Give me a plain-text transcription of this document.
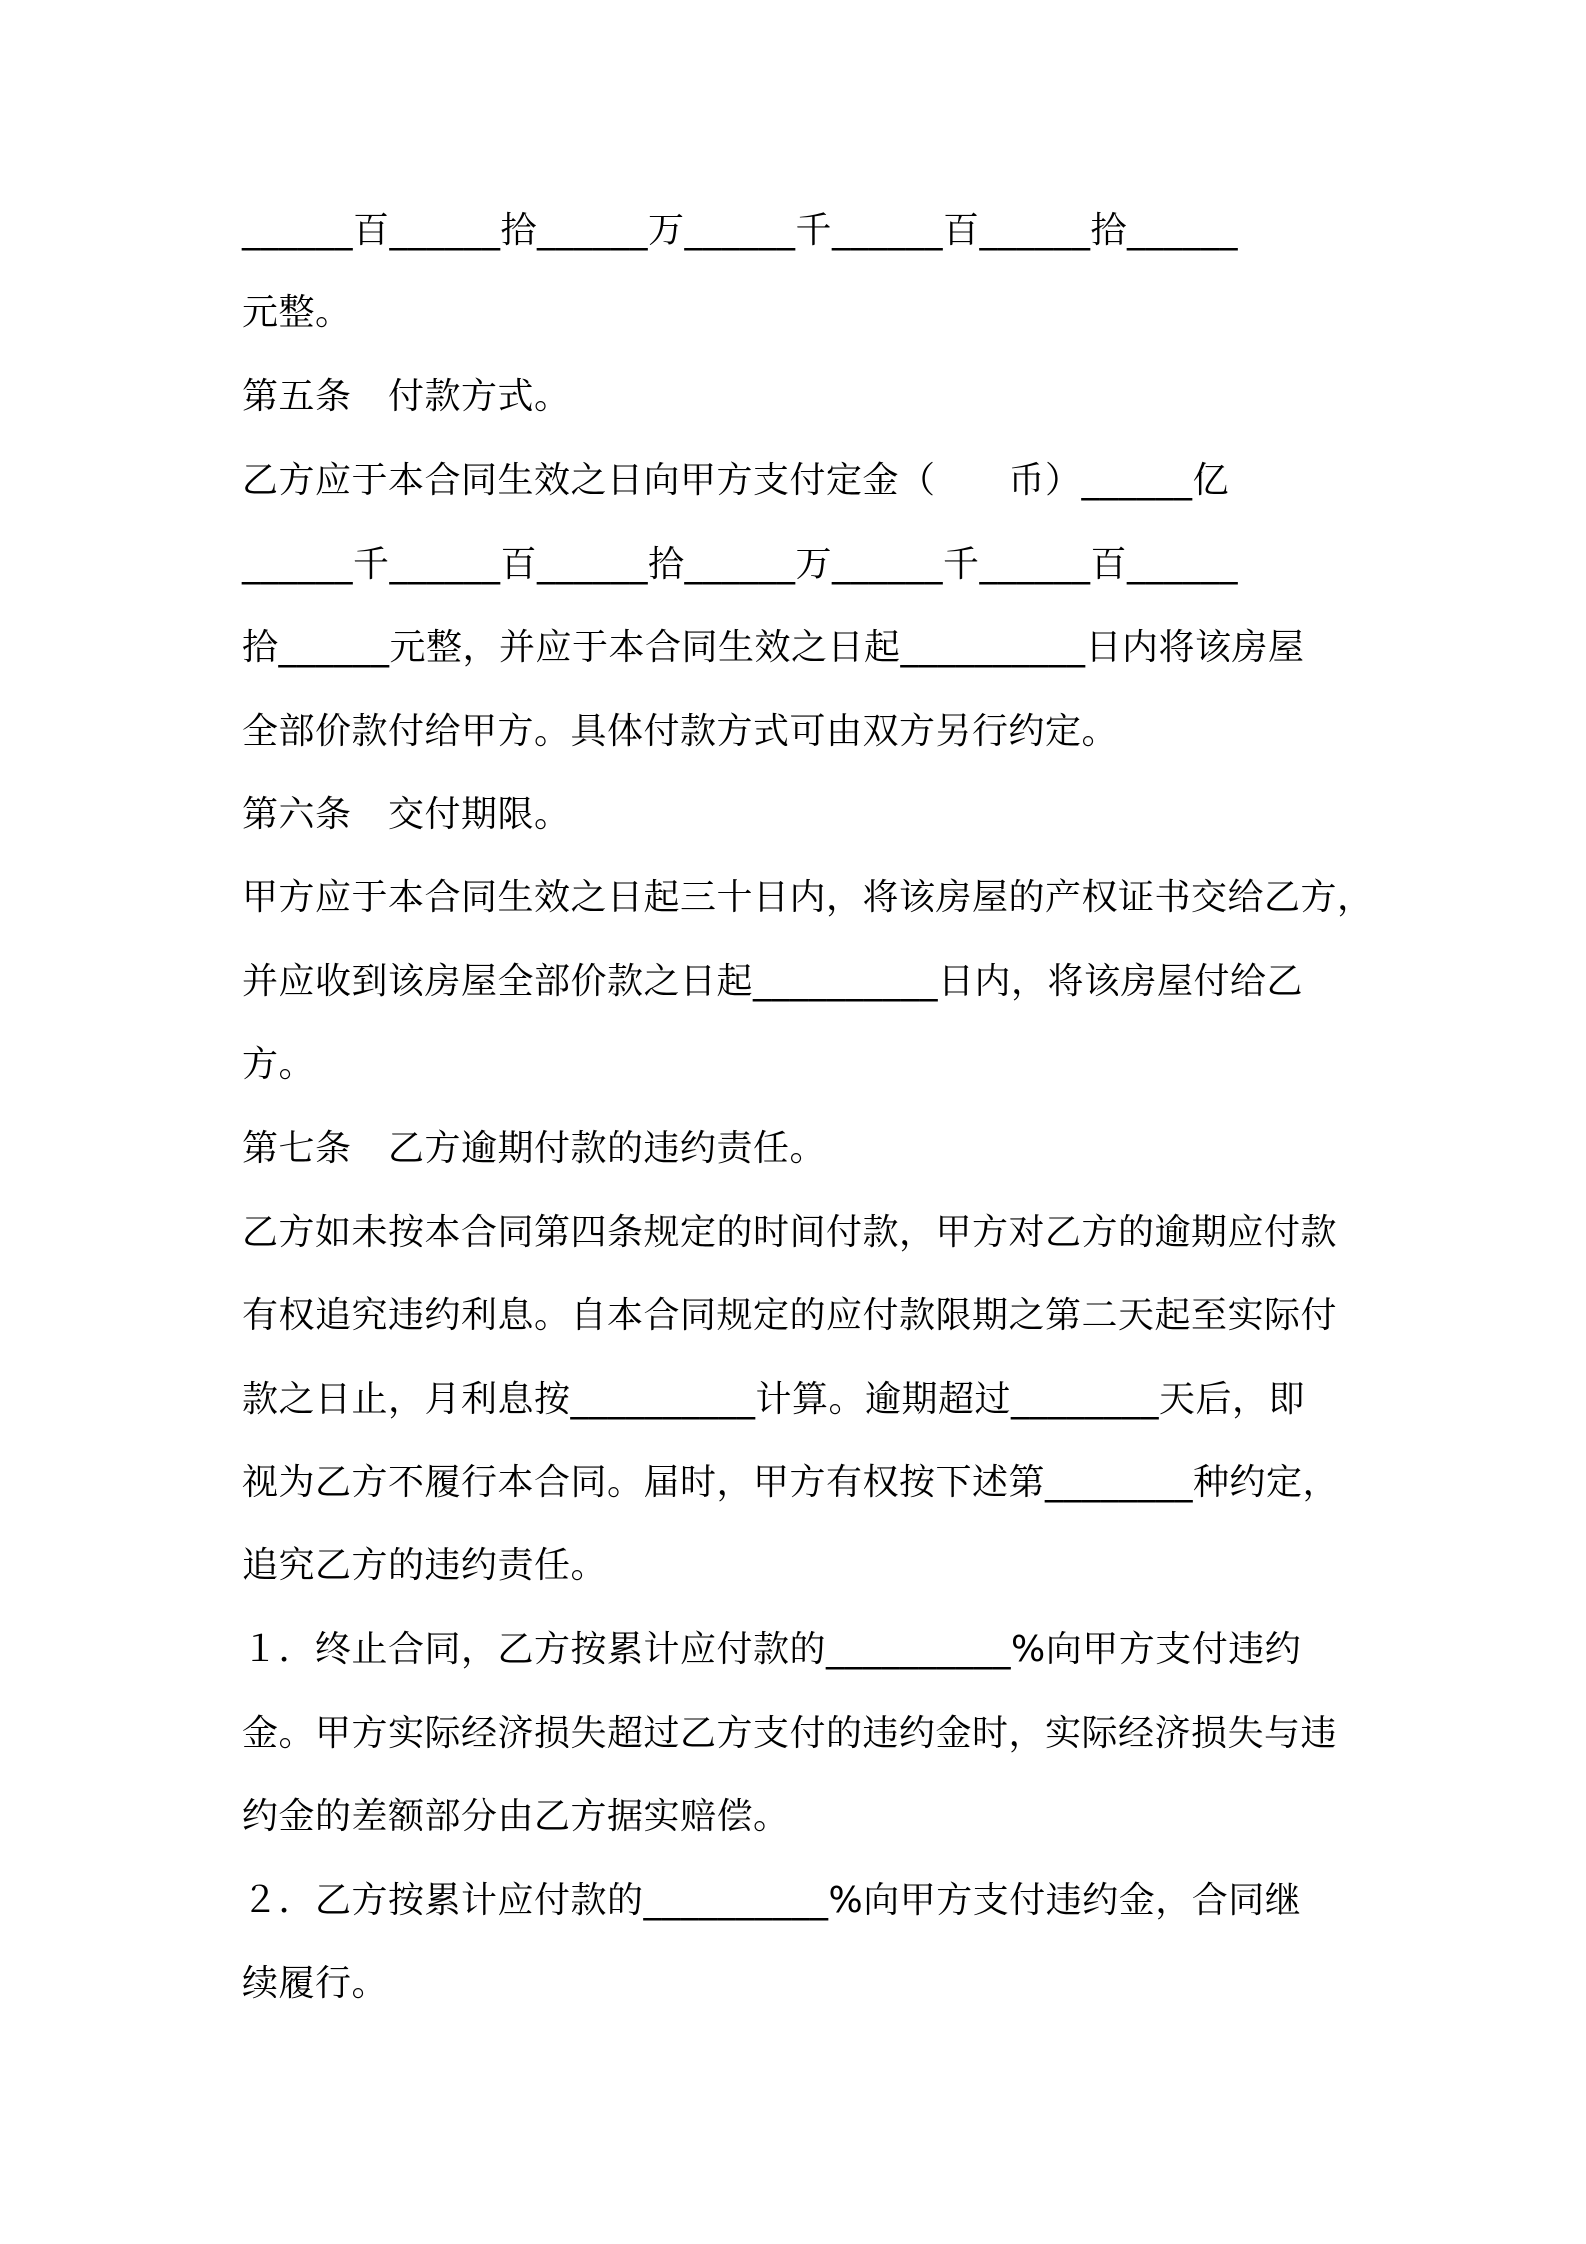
______百______拾______万______千______百______拾______
元整。
第五条　付款方式。
乙方应于本合同生效之日向甲方支付定金（　　币）______亿
______千______百______拾______万______千______百______
拾______元整，并应于本合同生效之日起__________日内将该房屋
全部价款付给甲方。具体付款方式可由双方另行约定。
第六条　交付期限。
甲方应于本合同生效之日起三十日内，将该房屋的产权证书交给乙方，
并应收到该房屋全部价款之日起__________日内，将该房屋付给乙
方。
第七条　乙方逾期付款的违约责任。
乙方如未按本合同第四条规定的时间付款，甲方对乙方的逾期应付款
有权追究违约利息。自本合同规定的应付款限期之第二天起至实际付
款之日止，月利息按__________计算。逾期超过________天后，即
视为乙方不履行本合同。届时，甲方有权按下述第________种约定，
追究乙方的违约责任。
１．终止合同，乙方按累计应付款的__________%向甲方支付违约
金。甲方实际经济损失超过乙方支付的违约金时，实际经济损失与违
约金的差额部分由乙方据实赔偿。
２．乙方按累计应付款的__________%向甲方支付违约金，合同继
续履行。
